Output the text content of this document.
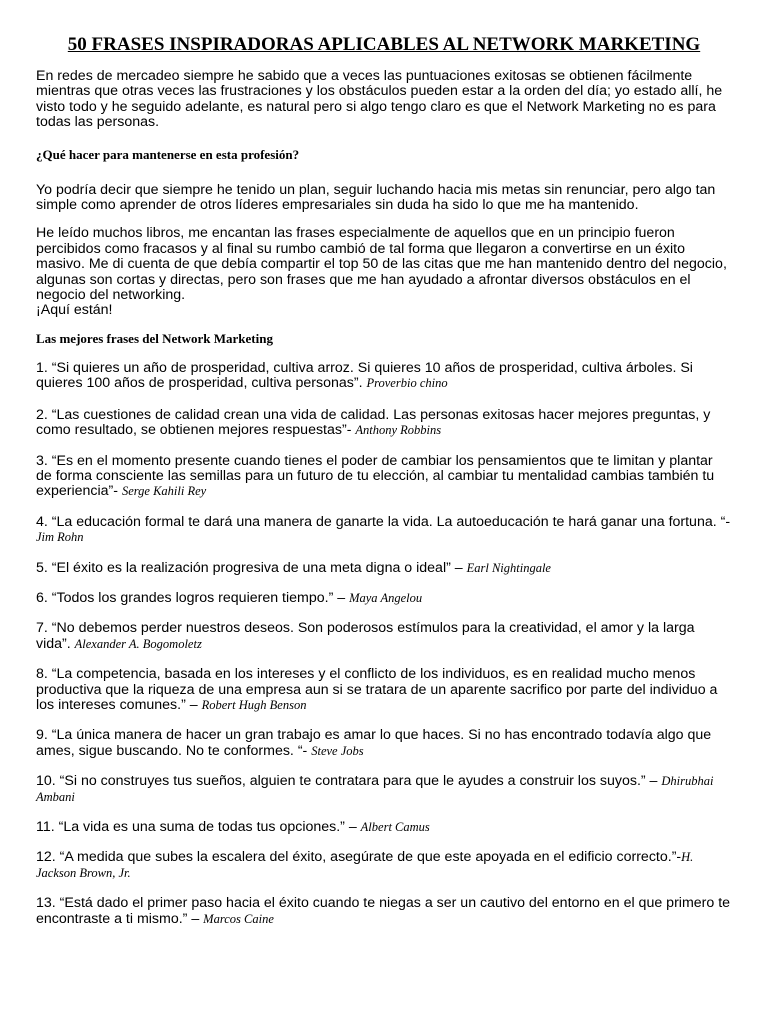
50 FRASES INSPIRADORAS APLICABLES AL NETWORK MARKETING

En redes de mercadeo siempre he sabido que a veces las puntuaciones exitosas se obtienen fácilmente mientras que otras veces las frustraciones y los obstáculos pueden estar a la orden del día; yo estado allí, he visto todo y he seguido adelante, es natural pero si algo tengo claro es que el Network Marketing no es para todas las personas.

¿Qué hacer para mantenerse en esta profesión?

Yo podría decir que siempre he tenido un plan, seguir luchando hacia mis metas sin renunciar, pero algo tan simple como aprender de otros líderes empresariales sin duda ha sido lo que me ha mantenido.

He leído muchos libros, me encantan las frases especialmente de aquellos que en un principio fueron percibidos como fracasos y al final su rumbo cambió de tal forma que llegaron a convertirse en un éxito masivo. Me di cuenta de que debía compartir el top 50 de las citas que me han mantenido dentro del negocio, algunas son cortas y directas, pero son frases que me han ayudado a afrontar diversos obstáculos en el negocio del networking.

¡Aquí están!

Las mejores frases del Network Marketing

1. “Si quieres un año de prosperidad, cultiva arroz. Si quieres 10 años de prosperidad, cultiva árboles. Si quieres 100 años de prosperidad, cultiva personas”. Proverbio chino

2. “Las cuestiones de calidad crean una vida de calidad. Las personas exitosas hacer mejores preguntas, y como resultado, se obtienen mejores respuestas”- Anthony Robbins

3. “Es en el momento presente cuando tienes el poder de cambiar los pensamientos que te limitan y plantar de forma consciente las semillas para un futuro de tu elección, al cambiar tu mentalidad cambias también tu experiencia”- Serge Kahili Rey

4. “La educación formal te dará una manera de ganarte la vida. La autoeducación te hará ganar una fortuna. “- Jim Rohn

5. “El éxito es la realización progresiva de una meta digna o ideal” – Earl Nightingale

6. “Todos los grandes logros requieren tiempo.” – Maya Angelou

7. “No debemos perder nuestros deseos. Son poderosos estímulos para la creatividad, el amor y la larga vida”. Alexander A. Bogomoletz

8. “La competencia, basada en los intereses y el conflicto de los individuos, es en realidad mucho menos productiva que la riqueza de una empresa aun si se tratara de un aparente sacrifico por parte del individuo a los intereses comunes.” – Robert Hugh Benson

9. “La única manera de hacer un gran trabajo es amar lo que haces. Si no has encontrado todavía algo que ames, sigue buscando. No te conformes. “- Steve Jobs

10. “Si no construyes tus sueños, alguien te contratara para que le ayudes a construir los suyos.” – Dhirubhai Ambani

11. “La vida es una suma de todas tus opciones.” – Albert Camus

12. “A medida que subes la escalera del éxito, asegúrate de que este apoyada en el edificio correcto.”-H. Jackson Brown, Jr.

13. “Está dado el primer paso hacia el éxito cuando te niegas a ser un cautivo del entorno en el que primero te encontraste a ti mismo.” – Marcos Caine
